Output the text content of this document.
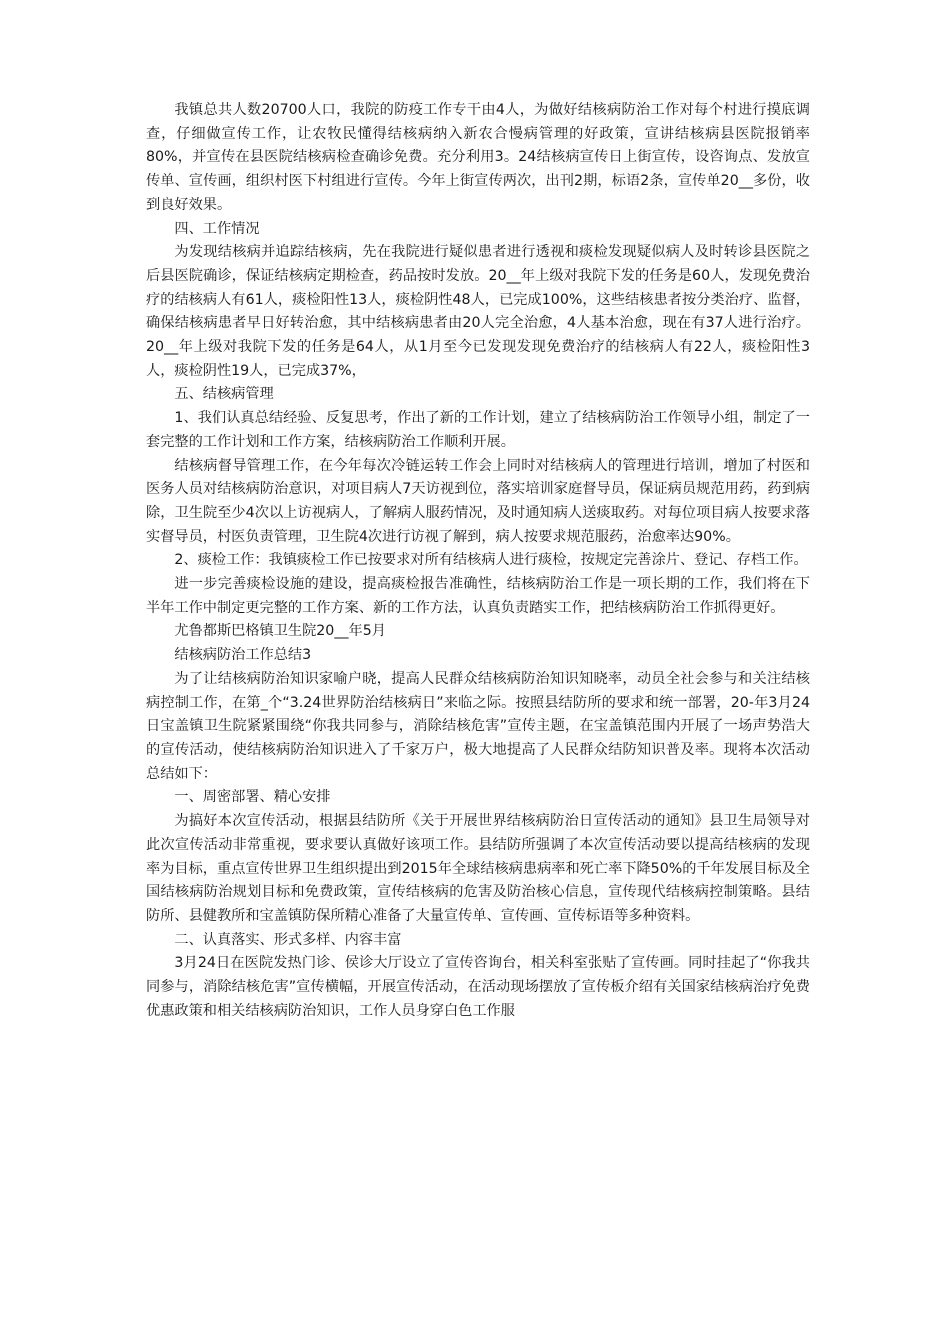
我镇总共人数20700人口，我院的防疫工作专干由4人，为做好结核病防治工作对每个村进行摸底调查，仔细做宣传工作，让农牧民懂得结核病纳入新农合慢病管理的好政策，宣讲结核病县医院报销率80%，并宣传在县医院结核病检查确诊免费。充分利用3。24结核病宣传日上街宣传，设咨询点、发放宣传单、宣传画，组织村医下村组进行宣传。今年上街宣传两次，出刊2期，标语2条，宣传单20__多份，收到良好效果。

四、工作情况

为发现结核病并追踪结核病，先在我院进行疑似患者进行透视和痰检发现疑似病人及时转诊县医院之后县医院确诊，保证结核病定期检查，药品按时发放。20__年上级对我院下发的任务是60人，发现免费治疗的结核病人有61人，痰检阳性13人，痰检阴性48人，已完成100%，这些结核患者按分类治疗、监督，确保结核病患者早日好转治愈，其中结核病患者由20人完全治愈，4人基本治愈，现在有37人进行治疗。20__年上级对我院下发的任务是64人，从1月至今已发现发现免费治疗的结核病人有22人，痰检阳性3人，痰检阴性19人，已完成37%，

五、结核病管理

1、我们认真总结经验、反复思考，作出了新的工作计划，建立了结核病防治工作领导小组，制定了一套完整的工作计划和工作方案，结核病防治工作顺利开展。

结核病督导管理工作，在今年每次冷链运转工作会上同时对结核病人的管理进行培训，增加了村医和医务人员对结核病防治意识，对项目病人7天访视到位，落实培训家庭督导员，保证病员规范用药，药到病除，卫生院至少4次以上访视病人，了解病人服药情况，及时通知病人送痰取药。对每位项目病人按要求落实督导员，村医负责管理，卫生院4次进行访视了解到，病人按要求规范服药，治愈率达90%。

2、痰检工作：我镇痰检工作已按要求对所有结核病人进行痰检，按规定完善涂片、登记、存档工作。

进一步完善痰检设施的建设，提高痰检报告准确性，结核病防治工作是一项长期的工作，我们将在下半年工作中制定更完整的工作方案、新的工作方法，认真负责踏实工作，把结核病防治工作抓得更好。

尤鲁都斯巴格镇卫生院20__年5月

结核病防治工作总结3

为了让结核病防治知识家喻户晓，提高人民群众结核病防治知识知晓率，动员全社会参与和关注结核病控制工作，在第_个“3.24世界防治结核病日”来临之际。按照县结防所的要求和统一部署，20-年3月24日宝盖镇卫生院紧紧围绕“你我共同参与，消除结核危害”宣传主题，在宝盖镇范围内开展了一场声势浩大的宣传活动，使结核病防治知识进入了千家万户，极大地提高了人民群众结防知识普及率。现将本次活动总结如下：

一、周密部署、精心安排

为搞好本次宣传活动，根据县结防所《关于开展世界结核病防治日宣传活动的通知》县卫生局领导对此次宣传活动非常重视，要求要认真做好该项工作。县结防所强调了本次宣传活动要以提高结核病的发现率为目标，重点宣传世界卫生组织提出到2015年全球结核病患病率和死亡率下降50%的千年发展目标及全国结核病防治规划目标和免费政策，宣传结核病的危害及防治核心信息，宣传现代结核病控制策略。县结防所、县健教所和宝盖镇防保所精心准备了大量宣传单、宣传画、宣传标语等多种资料。

二、认真落实、形式多样、内容丰富

3月24日在医院发热门诊、侯诊大厅设立了宣传咨询台，相关科室张贴了宣传画。同时挂起了“你我共同参与，消除结核危害”宣传横幅，开展宣传活动，在活动现场摆放了宣传板介绍有关国家结核病治疗免费优惠政策和相关结核病防治知识，工作人员身穿白色工作服
